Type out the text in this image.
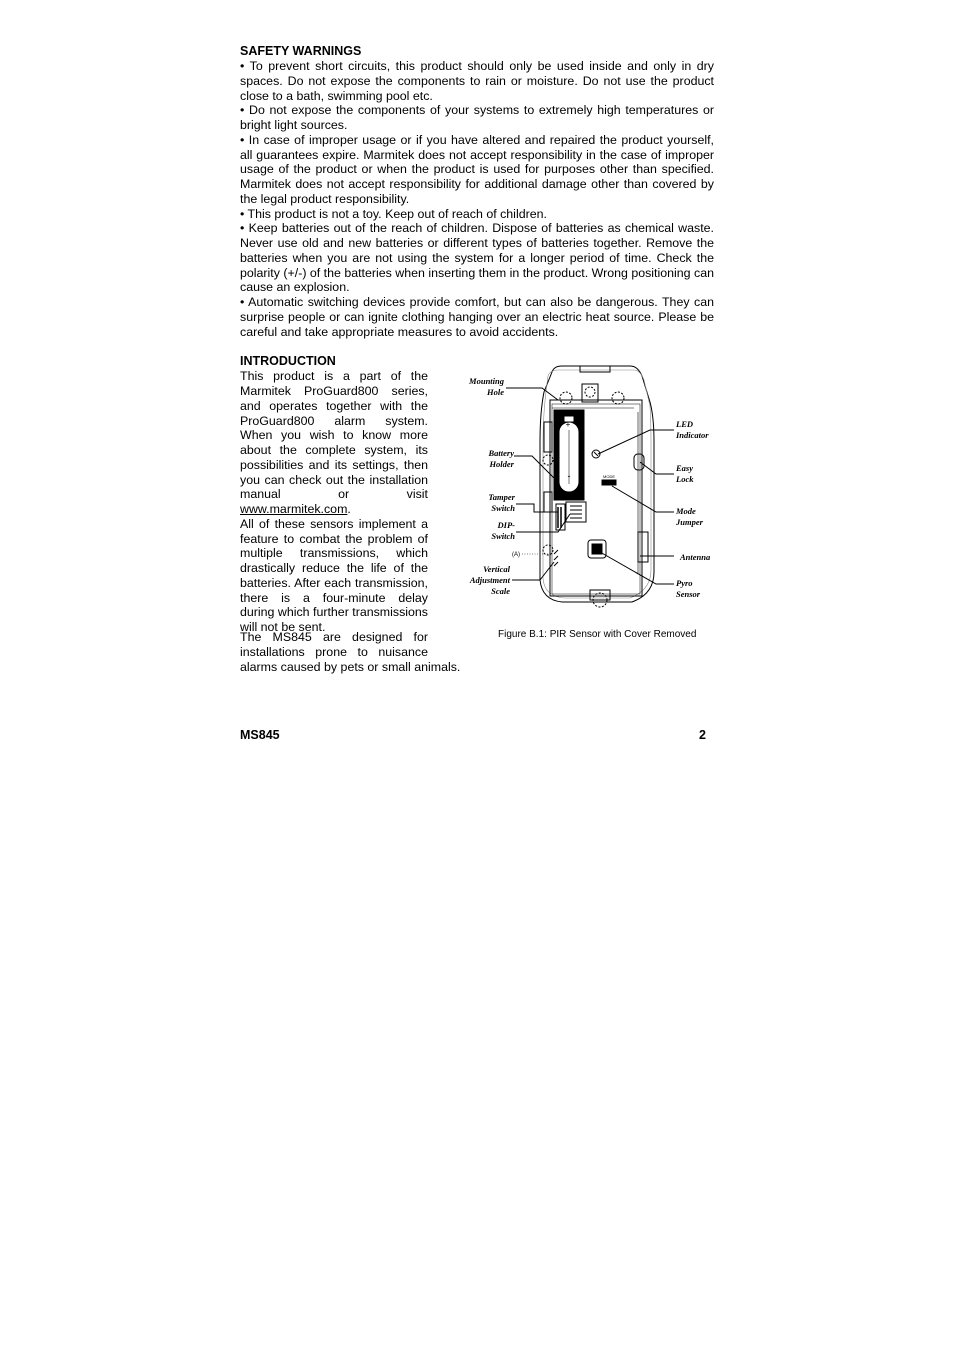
SAFETY WARNINGS

• To prevent short circuits, this product should only be used inside and only in dry spaces. Do not expose the components to rain or moisture. Do not use the product close to a bath, swimming pool etc.

• Do not expose the components of your systems to extremely high temperatures or bright light sources.

• In case of improper usage or if you have altered and repaired the product yourself, all guarantees expire. Marmitek does not accept responsibility in the case of improper usage of the product or when the product is used for purposes other than specified. Marmitek does not accept responsibility for additional damage other than covered by the legal product responsibility.

• This product is not a toy. Keep out of reach of children.

• Keep batteries out of the reach of children. Dispose of batteries as chemical waste. Never use old and new batteries or different types of batteries together. Remove the batteries when you are not using the system for a longer period of time. Check the polarity (+/-) of the batteries when inserting them in the product. Wrong positioning can cause an explosion.

• Automatic switching devices provide comfort, but can also be dangerous. They can surprise people or can ignite clothing hanging over an electric heat source. Please be careful and take appropriate measures to avoid accidents.

INTRODUCTION

This product is a part of the Marmitek ProGuard800 series, and operates together with the ProGuard800 alarm system. When you wish to know more about the complete system, its possibilities and its settings, then you can check out the installation manual or visit www.marmitek.com.

All of these sensors implement a feature to combat the problem of multiple transmissions, which drastically reduce the life of the batteries. After each transmission, there is a four-minute delay during which further transmissions will not be sent.

The MS845 are designed for
installations prone to nuisance
alarms caused by pets or small animals.
+
-	MODE
(A)
Mounting
Hole
Battery
Holder
Tamper
Switch
DIP-
Switch
Vertical
Adjustment
Scale
LED
Indicator
Easy
Lock
Mode
Jumper
Antenna
Pyro
Sensor
Figure B.1: PIR Sensor with Cover Removed
MS845	2
